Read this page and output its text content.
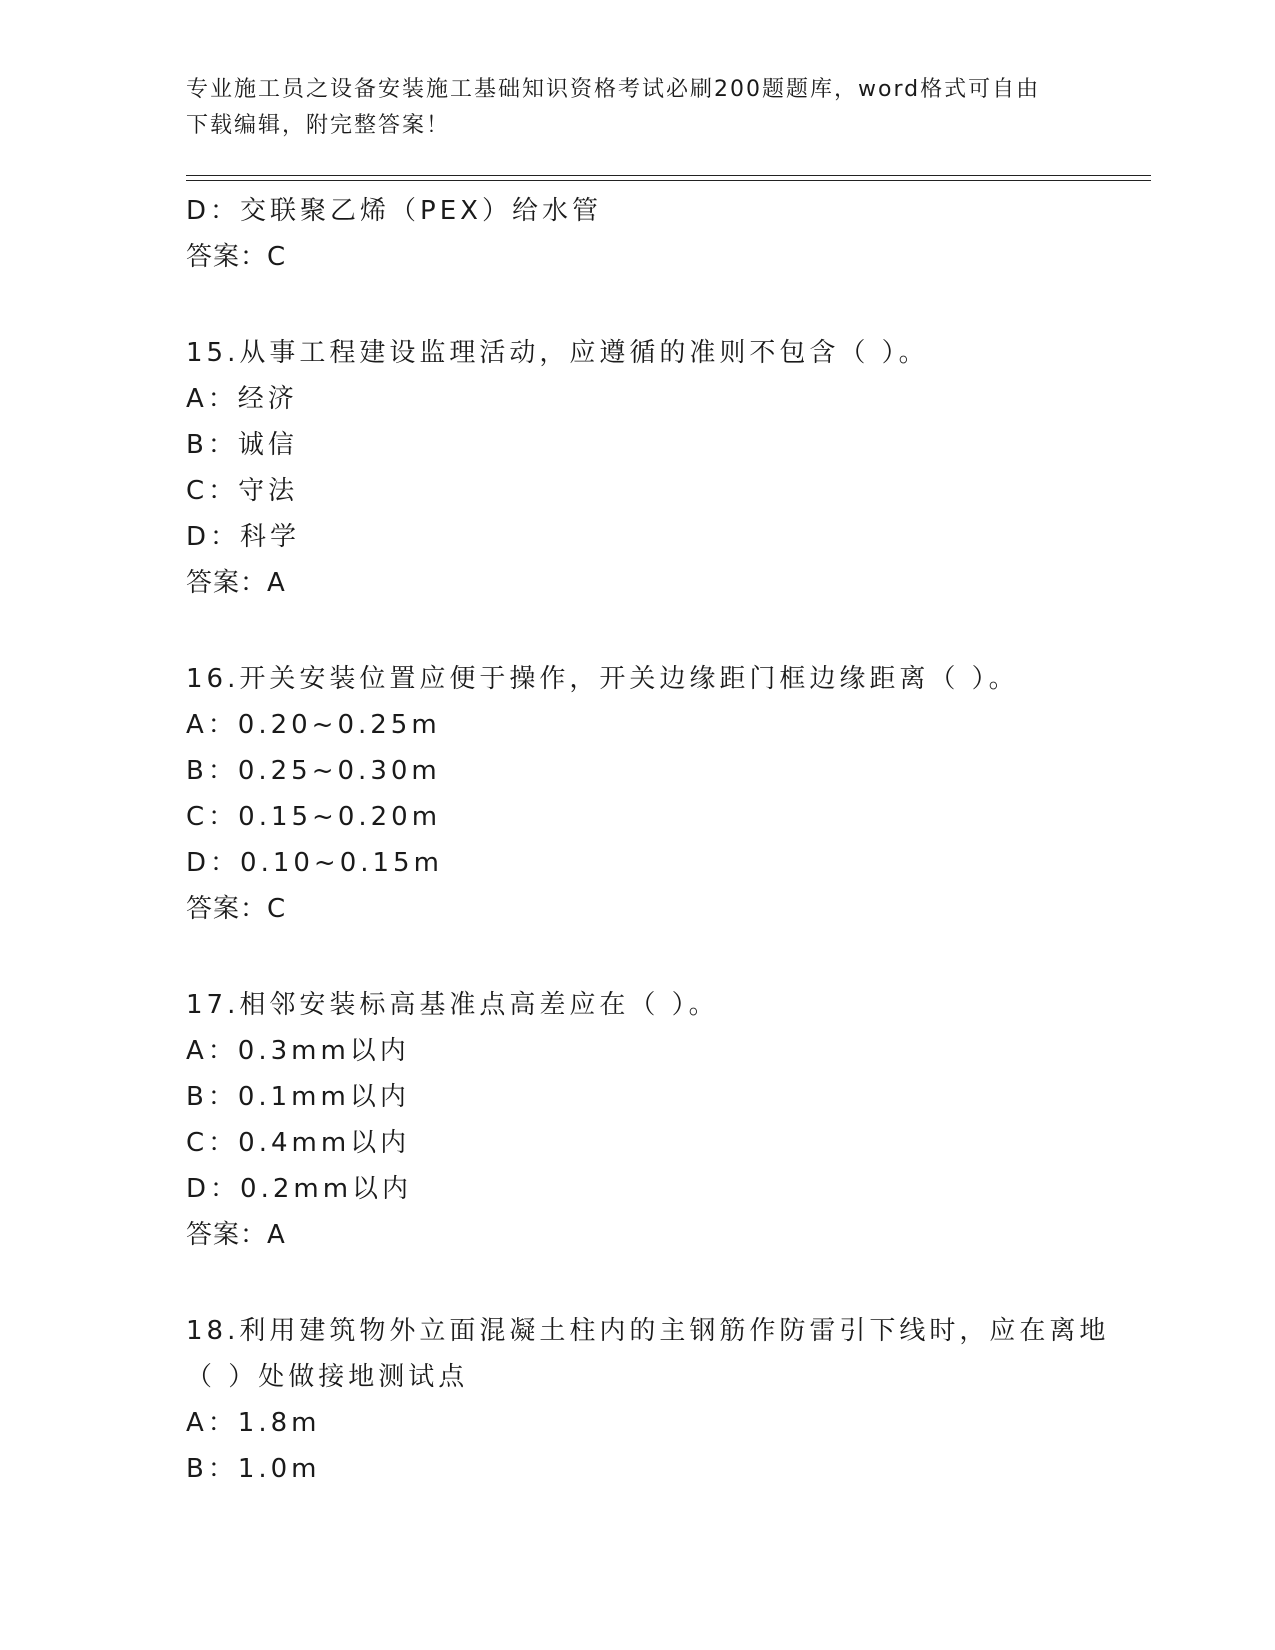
专业施工员之设备安装施工基础知识资格考试必刷200题题库，word格式可自由
下载编辑，附完整答案！
D：交联聚乙烯（PEX）给水管
答案：C
15.从事工程建设监理活动，应遵循的准则不包含（ ）。
A：经济
B：诚信
C：守法
D：科学
答案：A
16.开关安装位置应便于操作，开关边缘距门框边缘距离（ ）。
A：0.20~0.25m
B：0.25~0.30m
C：0.15~0.20m
D：0.10~0.15m
答案：C
17.相邻安装标高基准点高差应在（ ）。
A：0.3mm以内
B：0.1mm以内
C：0.4mm以内
D：0.2mm以内
答案：A
18.利用建筑物外立面混凝土柱内的主钢筋作防雷引下线时，应在离地
（ ）处做接地测试点
A：1.8m
B：1.0m
